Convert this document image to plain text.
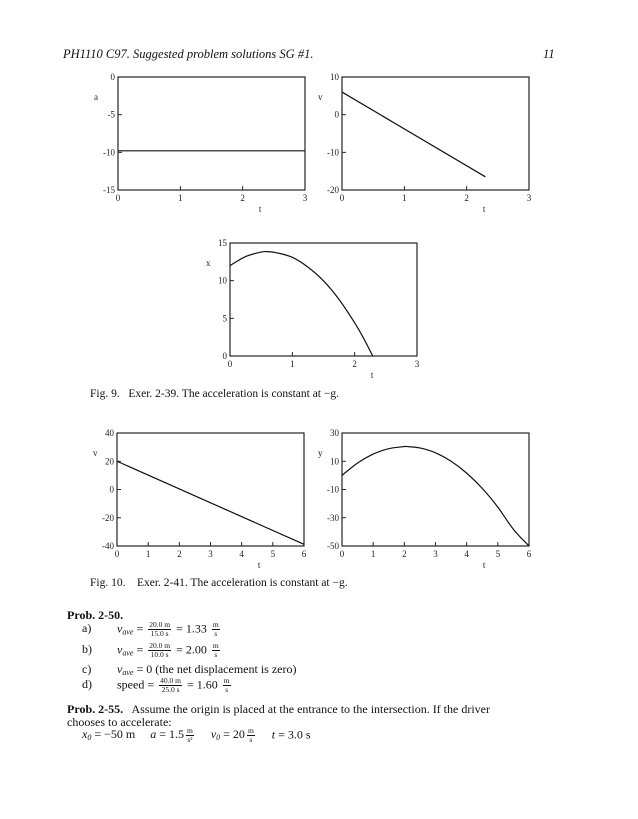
PH1110 C97. Suggested problem solutions SG #1.	11
0	1	2	3
0
-5
-10
-15
t
a
0	1	2	3
10
0
-10
-20
t
v
0	1	2	3
15
10
5
0
t
x
0	1	2	3	4	5	6
40
20
0
-20
-40
t
v
0	1	2	3	4	5	6
30
10
-10
-30
-50
t
y
Fig. 9. Exer. 2-39. The acceleration is constant at −g.
Fig. 10. Exer. 2-41. The acceleration is constant at −g.
Prob. 2-50.
a) $v_{ave} = \frac{20.0 m}{15.0 s} = 1.33 \frac{m}{s}$
b) $v_{ave} = \frac{20.0 m}{10.0 s} = 2.00 \frac{m}{s}$
c) $v_{ave} = 0$ (the net displacement is zero)
d) speed = $\frac{40.0 m}{25.0 s} = 1.60 \frac{m}{s}$
Prob. 2-55. Assume the origin is placed at the entrance to the intersection. If the driver
chooses to accelerate:
$x_0 = -50$ m $a = 1.5 \frac{m}{\text{s²}} v_0 = 20 \frac{m}{s}$ t = 3.0 s
